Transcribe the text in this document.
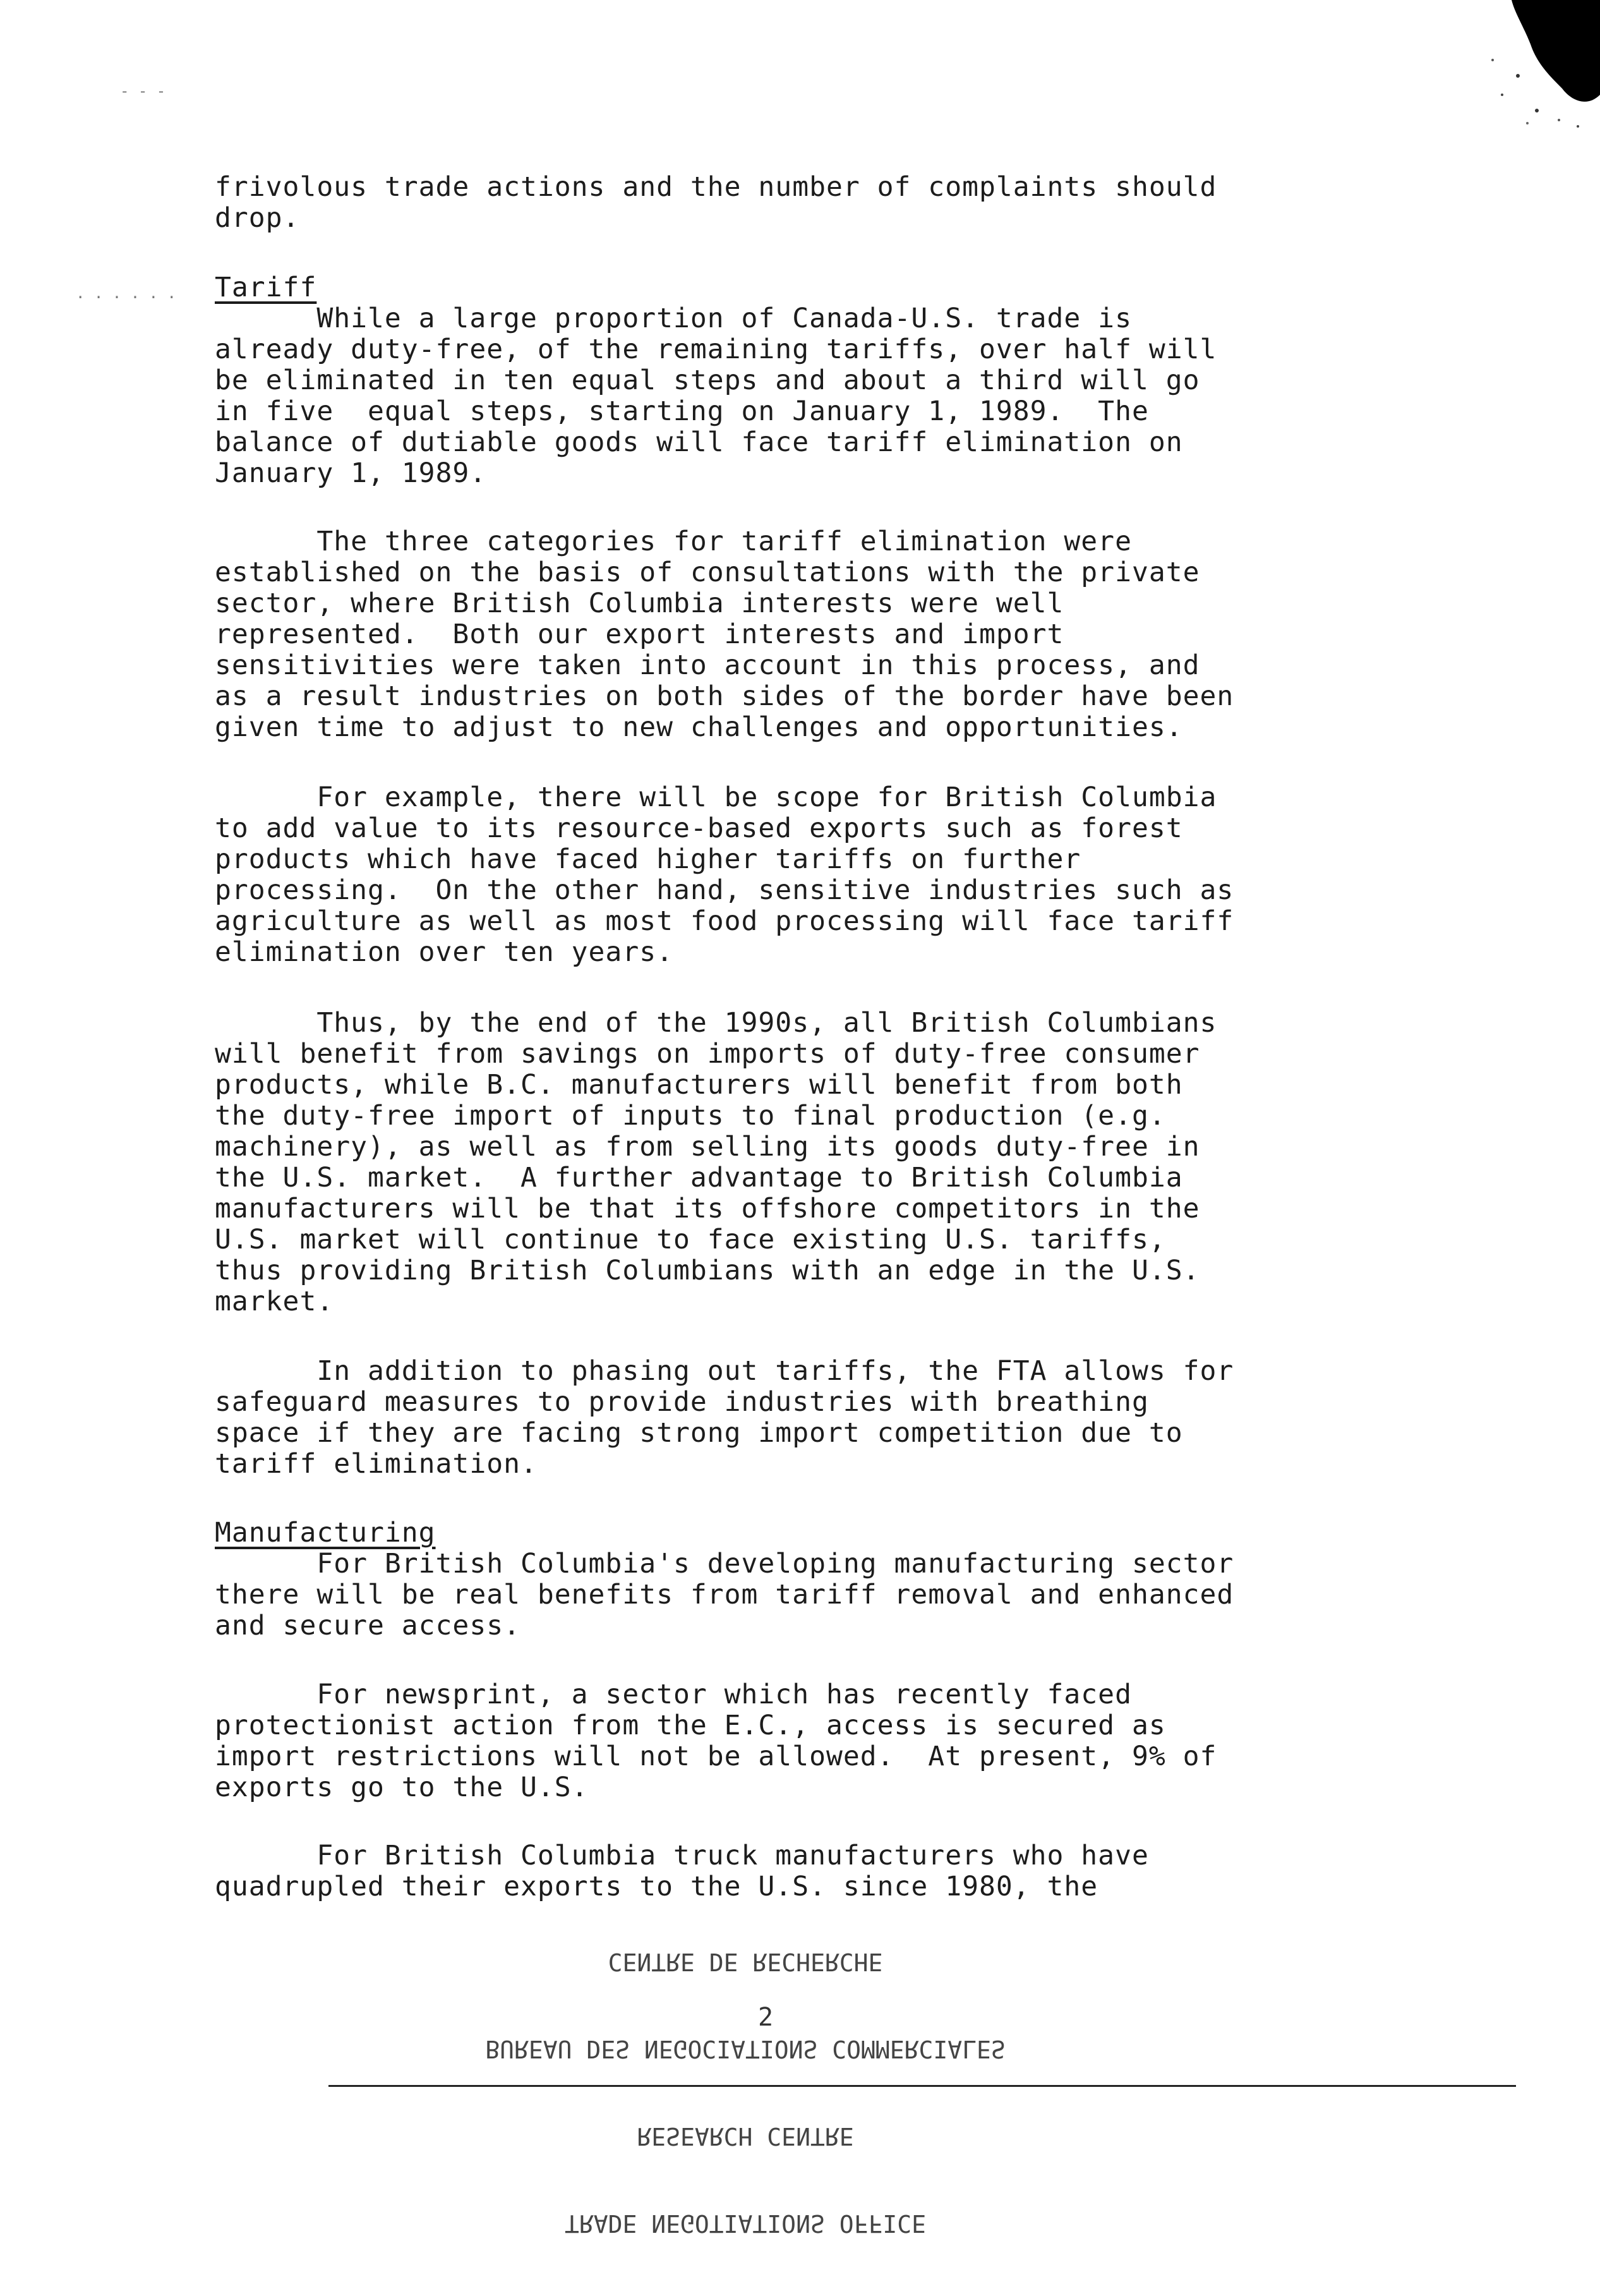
- - -
. . . . . .

frivolous trade actions and the number of complaints should
drop.

Tariff

While a large proportion of Canada-U.S. trade is
already duty-free, of the remaining tariffs, over half will
be eliminated in ten equal steps and about a third will go
in five  equal steps, starting on January 1, 1989.  The
balance of dutiable goods will face tariff elimination on
January 1, 1989.

The three categories for tariff elimination were
established on the basis of consultations with the private
sector, where British Columbia interests were well
represented.  Both our export interests and import
sensitivities were taken into account in this process, and
as a result industries on both sides of the border have been
given time to adjust to new challenges and opportunities.

For example, there will be scope for British Columbia
to add value to its resource-based exports such as forest
products which have faced higher tariffs on further
processing.  On the other hand, sensitive industries such as
agriculture as well as most food processing will face tariff
elimination over ten years.

Thus, by the end of the 1990s, all British Columbians
will benefit from savings on imports of duty-free consumer
products, while B.C. manufacturers will benefit from both
the duty-free import of inputs to final production (e.g.
machinery), as well as from selling its goods duty-free in
the U.S. market.  A further advantage to British Columbia
manufacturers will be that its offshore competitors in the
U.S. market will continue to face existing U.S. tariffs,
thus providing British Columbians with an edge in the U.S.
market.

In addition to phasing out tariffs, the FTA allows for
safeguard measures to provide industries with breathing
space if they are facing strong import competition due to
tariff elimination.

Manufacturing

For British Columbia's developing manufacturing sector
there will be real benefits from tariff removal and enhanced
and secure access.

For newsprint, a sector which has recently faced
protectionist action from the E.C., access is secured as
import restrictions will not be allowed.  At present, 9% of
exports go to the U.S.

For British Columbia truck manufacturers who have
quadrupled their exports to the U.S. since 1980, the

TRADE NEGOTIATIONS OFFICE

RESEARCH CENTRE

BUREAU DES NEGOCIATIONS COMMERCIALES

CENTRE DE RECHERCHE

2
